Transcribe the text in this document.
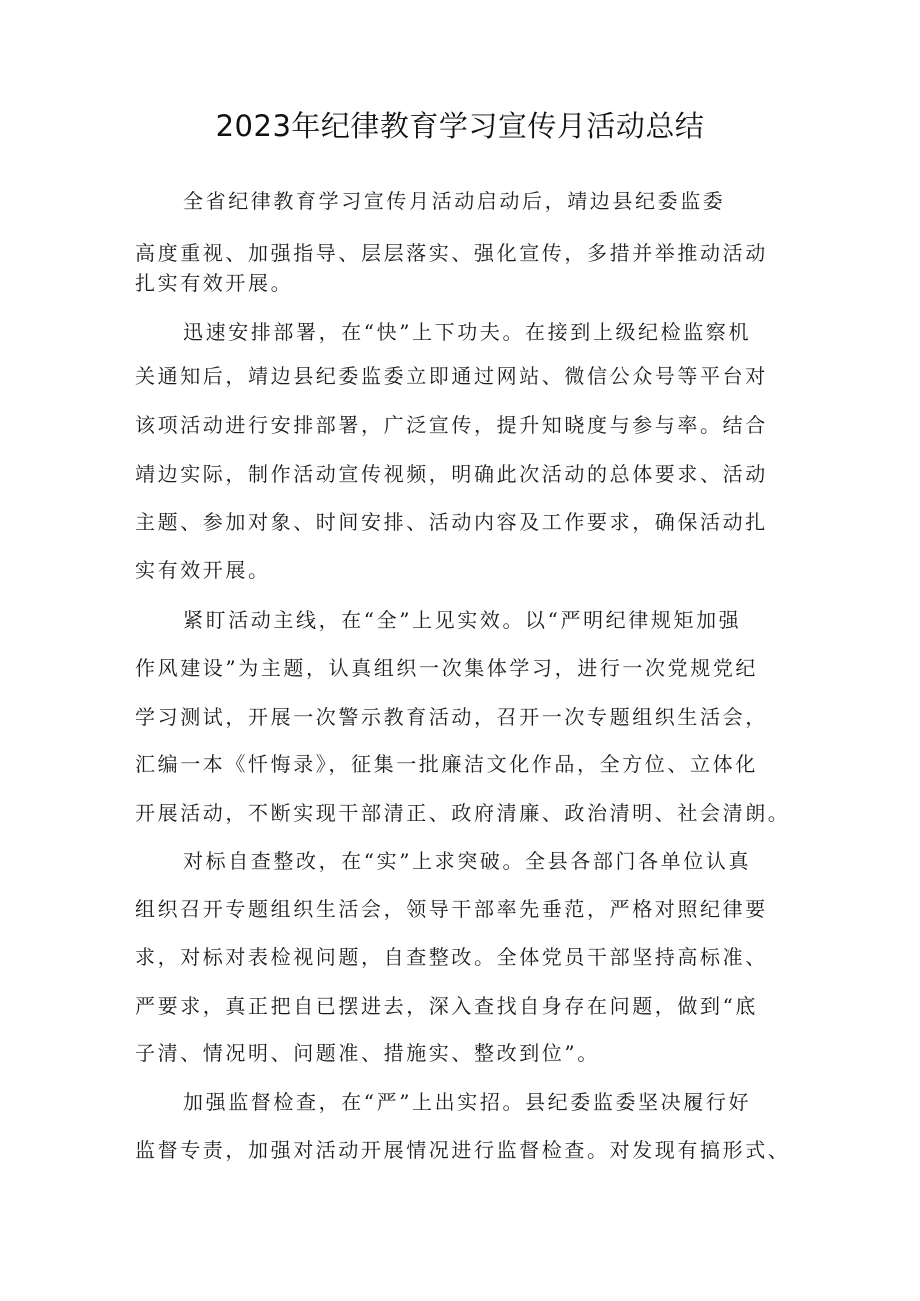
2023年纪律教育学习宣传月活动总结

全省纪律教育学习宣传月活动启动后，靖边县纪委监委

高度重视、加强指导、层层落实、强化宣传，多措并举推动活动

扎实有效开展。

迅速安排部署，在“快”上下功夫。在接到上级纪检监察机

关通知后，靖边县纪委监委立即通过网站、微信公众号等平台对

该项活动进行安排部署，广泛宣传，提升知晓度与参与率。结合

靖边实际，制作活动宣传视频，明确此次活动的总体要求、活动

主题、参加对象、时间安排、活动内容及工作要求，确保活动扎

实有效开展。

紧盯活动主线，在“全”上见实效。以“严明纪律规矩加强

作风建设”为主题，认真组织一次集体学习，进行一次党规党纪

学习测试，开展一次警示教育活动，召开一次专题组织生活会，

汇编一本《忏悔录》，征集一批廉洁文化作品，全方位、立体化

开展活动，不断实现干部清正、政府清廉、政治清明、社会清朗。

对标自查整改，在“实”上求突破。全县各部门各单位认真

组织召开专题组织生活会，领导干部率先垂范，严格对照纪律要

求，对标对表检视问题，自查整改。全体党员干部坚持高标准、

严要求，真正把自已摆进去，深入查找自身存在问题，做到“底

子清、情况明、问题准、措施实、整改到位”。

加强监督检查，在“严”上出实招。县纪委监委坚决履行好

监督专责，加强对活动开展情况进行监督检查。对发现有搞形式、
